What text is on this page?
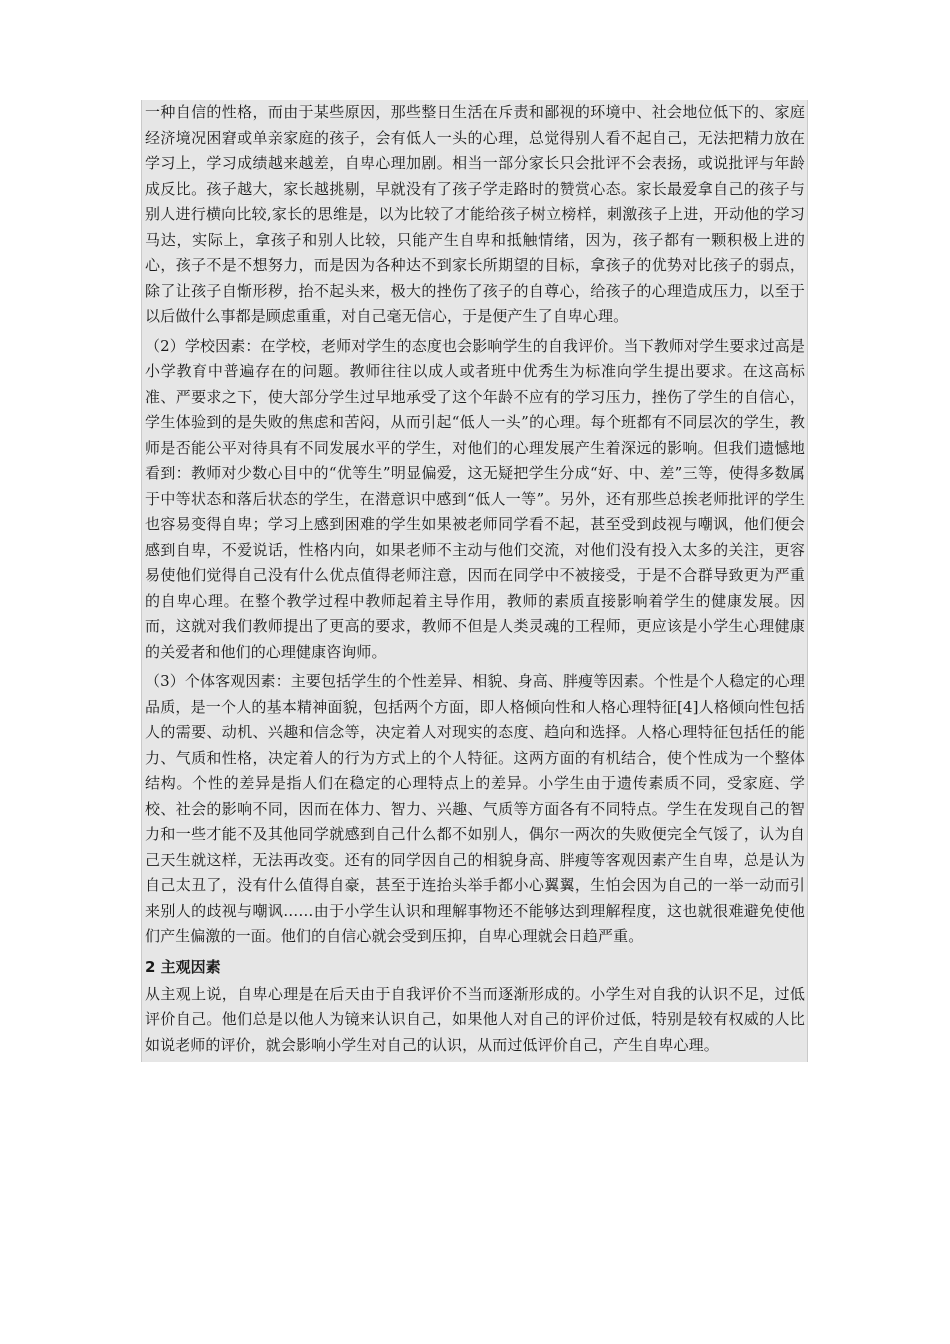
一种自信的性格，而由于某些原因，那些整日生活在斥责和鄙视的环境中、社会地位低下的、家庭经济境况困窘或单亲家庭的孩子，会有低人一头的心理，总觉得别人看不起自己，无法把精力放在学习上，学习成绩越来越差，自卑心理加剧。相当一部分家长只会批评不会表扬，或说批评与年龄成反比。孩子越大，家长越挑剔，早就没有了孩子学走路时的赞赏心态。家长最爱拿自己的孩子与别人进行横向比较,家长的思维是，以为比较了才能给孩子树立榜样，刺激孩子上进，开动他的学习马达，实际上，拿孩子和别人比较，只能产生自卑和抵触情绪，因为，孩子都有一颗积极上进的心，孩子不是不想努力，而是因为各种达不到家长所期望的目标，拿孩子的优势对比孩子的弱点，除了让孩子自惭形秽，抬不起头来，极大的挫伤了孩子的自尊心，给孩子的心理造成压力，以至于以后做什么事都是顾虑重重，对自己毫无信心，于是便产生了自卑心理。

（2）学校因素：在学校，老师对学生的态度也会影响学生的自我评价。当下教师对学生要求过高是小学教育中普遍存在的问题。教师往往以成人或者班中优秀生为标准向学生提出要求。在这高标准、严要求之下，使大部分学生过早地承受了这个年龄不应有的学习压力，挫伤了学生的自信心，学生体验到的是失败的焦虑和苦闷，从而引起“低人一头”的心理。每个班都有不同层次的学生，教师是否能公平对待具有不同发展水平的学生，对他们的心理发展产生着深远的影响。但我们遗憾地看到：教师对少数心目中的“优等生”明显偏爱，这无疑把学生分成“好、中、差”三等，使得多数属于中等状态和落后状态的学生，在潜意识中感到“低人一等”。另外，还有那些总挨老师批评的学生也容易变得自卑；学习上感到困难的学生如果被老师同学看不起，甚至受到歧视与嘲讽，他们便会感到自卑，不爱说话，性格内向，如果老师不主动与他们交流，对他们没有投入太多的关注，更容易使他们觉得自己没有什么优点值得老师注意，因而在同学中不被接受，于是不合群导致更为严重的自卑心理。在整个教学过程中教师起着主导作用，教师的素质直接影响着学生的健康发展。因而，这就对我们教师提出了更高的要求，教师不但是人类灵魂的工程师，更应该是小学生心理健康的关爱者和他们的心理健康咨询师。

（3）个体客观因素：主要包括学生的个性差异、相貌、身高、胖瘦等因素。个性是个人稳定的心理品质，是一个人的基本精神面貌，包括两个方面，即人格倾向性和人格心理特征[4]人格倾向性包括人的需要、动机、兴趣和信念等，决定着人对现实的态度、趋向和选择。人格心理特征包括任的能力、气质和性格，决定着人的行为方式上的个人特征。这两方面的有机结合，使个性成为一个整体结构。个性的差异是指人们在稳定的心理特点上的差异。小学生由于遗传素质不同，受家庭、学校、社会的影响不同，因而在体力、智力、兴趣、气质等方面各有不同特点。学生在发现自己的智力和一些才能不及其他同学就感到自己什么都不如别人，偶尔一两次的失败便完全气馁了，认为自己天生就这样，无法再改变。还有的同学因自己的相貌身高、胖瘦等客观因素产生自卑，总是认为自己太丑了，没有什么值得自豪，甚至于连抬头举手都小心翼翼，生怕会因为自己的一举一动而引来别人的歧视与嘲讽……由于小学生认识和理解事物还不能够达到理解程度，这也就很难避免使他们产生偏激的一面。他们的自信心就会受到压抑，自卑心理就会日趋严重。

2 主观因素

从主观上说，自卑心理是在后天由于自我评价不当而逐渐形成的。小学生对自我的认识不足，过低评价自己。他们总是以他人为镜来认识自己，如果他人对自己的评价过低，特别是较有权威的人比如说老师的评价，就会影响小学生对自己的认识，从而过低评价自己，产生自卑心理。
